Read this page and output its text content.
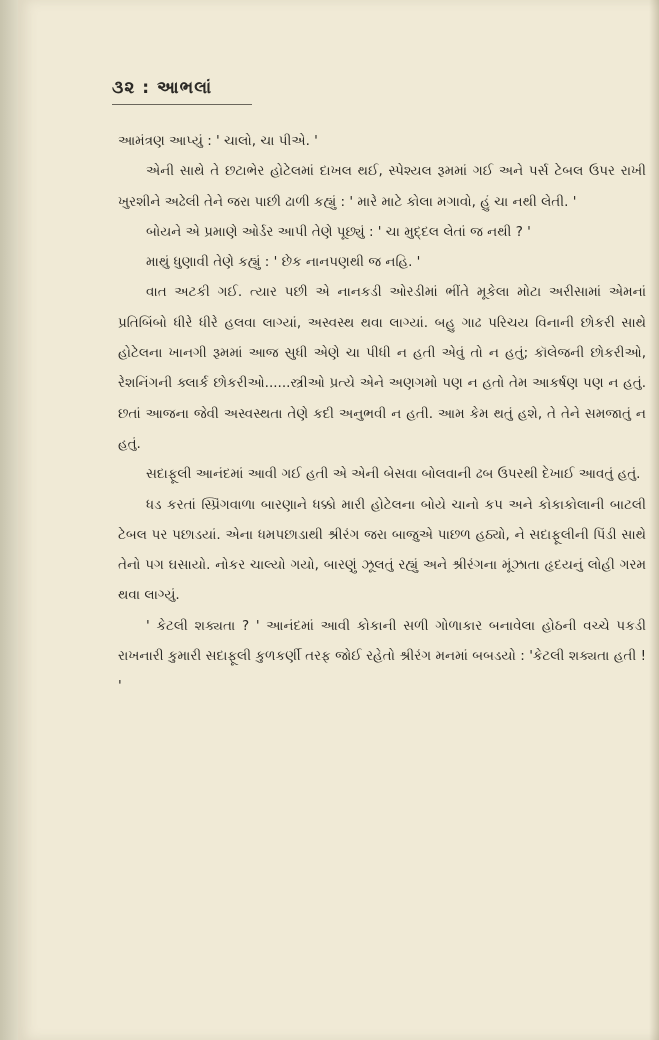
૩૨ : આભલાં

આમંત્રણ આપ્યું : ' ચાલો, ચા પીએ. '

એની સાથે તે છટાભેર હોટેલમાં દાખલ થઈ, સ્પેશ્યલ રૂમમાં ગઈ અને પર્સ ટેબલ ઉપર રાખી ખુરશીને અઢેલી તેને જરા પાછી ઢાળી કહ્યું : ' મારે માટે કોલા મગાવો, હું ચા નથી લેતી. '

બોયને એ પ્રમાણે ઓર્ડર આપી તેણે પૂછ્યું : ' ચા મુદ્દલ લેતાં જ નથી ? '

માથું ધુણાવી તેણે કહ્યું : ' છેક નાનપણથી જ નહિ. '

વાત અટકી ગઈ. ત્યાર પછી એ નાનકડી ઓરડીમાં ભીંતે મૂકેલા મોટા અરીસામાં એમનાં પ્રતિબિંબો ધીરે ધીરે હલવા લાગ્યાં, અસ્વસ્થ થવા લાગ્યાં. બહુ ગાઢ પરિચય વિનાની છોકરી સાથે હોટેલના ખાનગી રૂમમાં આજ સુધી એણે ચા પીધી ન હતી એવું તો ન હતું; કૉલેજની છોકરીઓ, રેશનિંગની ક્લાર્ક છોકરીઓ......સ્ત્રીઓ પ્રત્યે એને અણગમો પણ ન હતો તેમ આકર્ષણ પણ ન હતું. છતાં આજના જેવી અસ્વસ્થતા તેણે કદી અનુભવી ન હતી. આમ કેમ થતું હશે, તે તેને સમજાતું ન હતું.

સદાફૂલી આનંદમાં આવી ગઈ હતી એ એની બેસવા બોલવાની ઢબ ઉપરથી દેખાઈ આવતું હતું.

ધડ કરતાં સ્પ્રિંગવાળા બારણાને ધક્કો મારી હોટેલના બોયે ચાનો કપ અને કોકાકોલાની બાટલી ટેબલ પર પછાડયાં. એના ધમપછાડાથી શ્રીરંગ જરા બાજુએ પાછળ હઠ્યો, ને સદાફૂલીની પિંડી સાથે તેનો પગ ઘસાયો. નોકર ચાલ્યો ગયો, બારણું ઝૂલતું રહ્યું અને શ્રીરંગના મૂંઝાતા હૃદયનું લોહી ગરમ થવા લાગ્યું.

' કેટલી શક્યતા ? ' આનંદમાં આવી કોકાની સળી ગોળાકાર બનાવેલા હોઠની વચ્ચે પકડી રાખનારી કુમારી સદાફૂલી કુળકર્ણી તરફ જોઈ રહેતો શ્રીરંગ મનમાં બબડયો : 'કેટલી શક્યતા હતી ! '
